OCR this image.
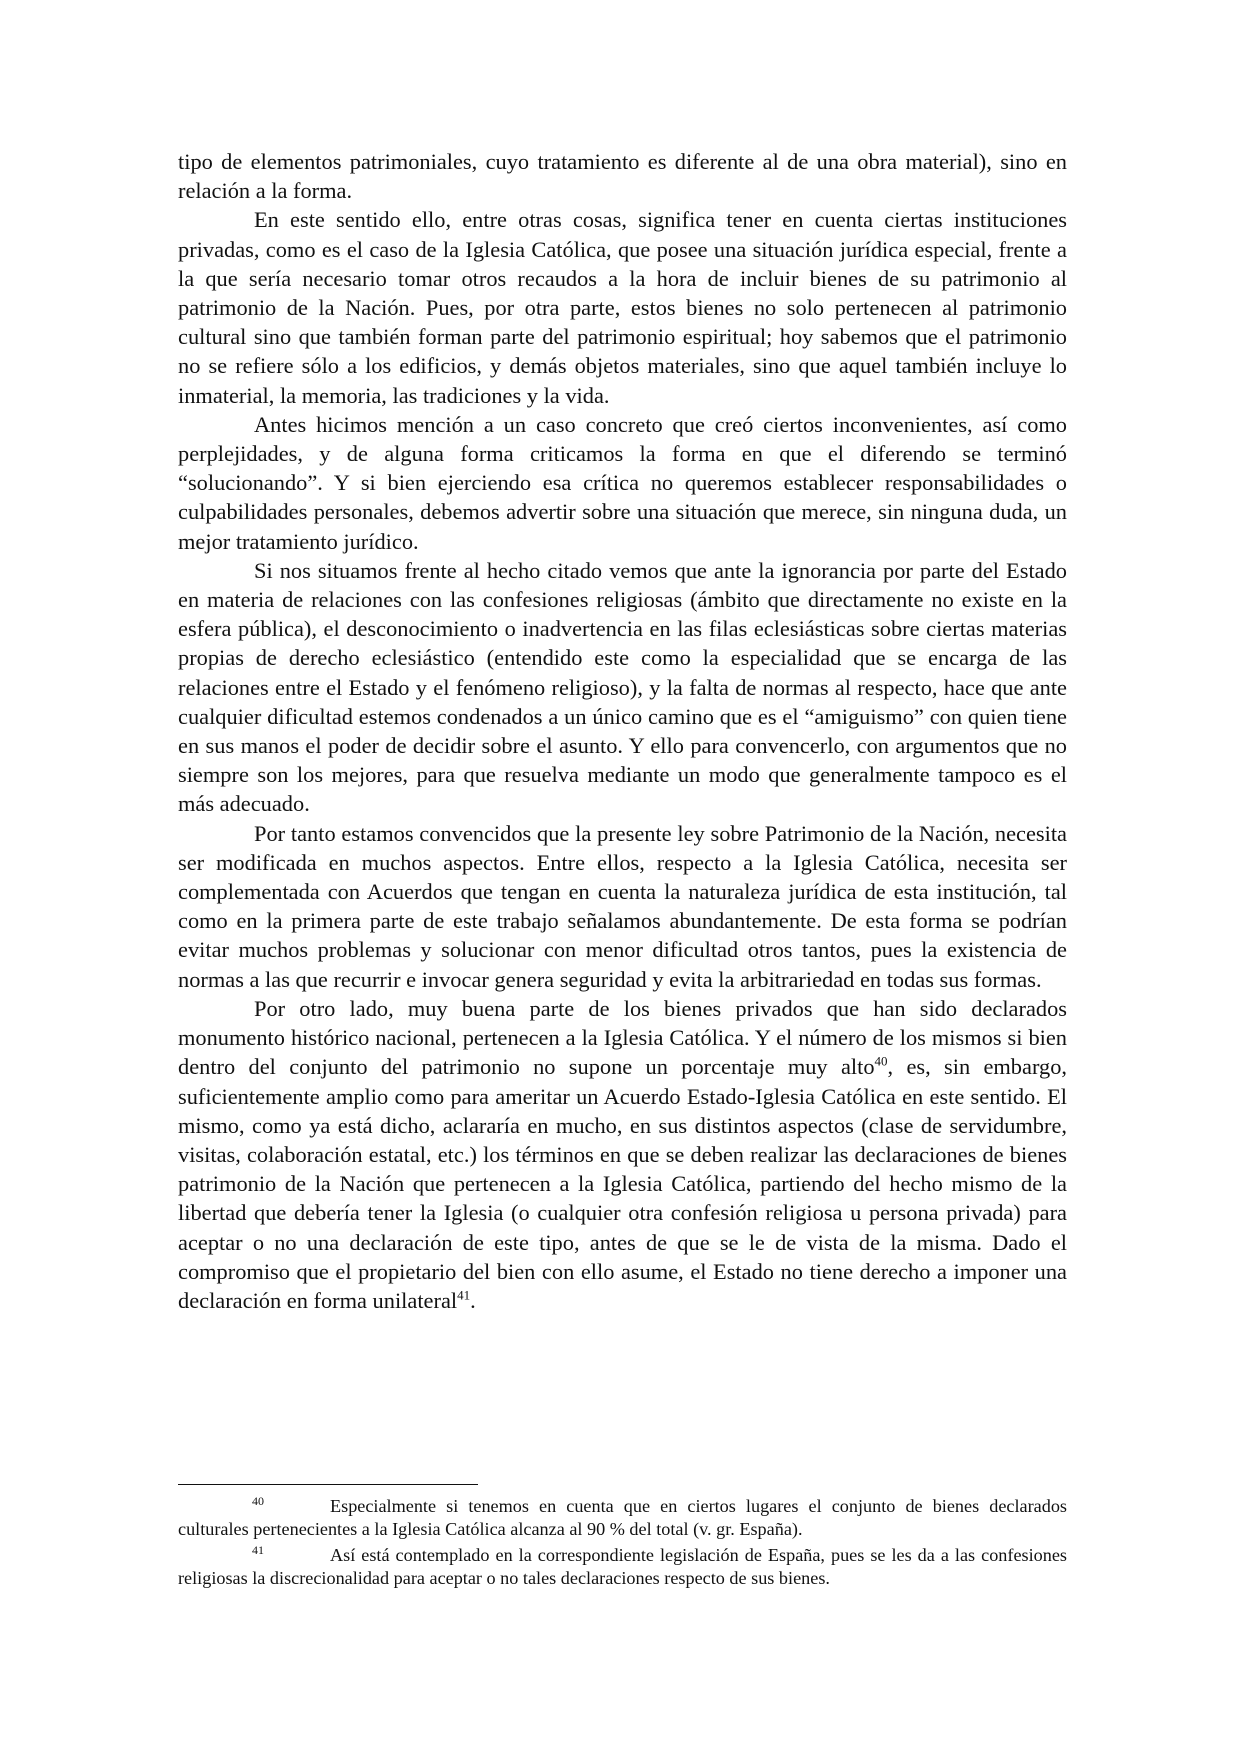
tipo de elementos patrimoniales, cuyo tratamiento es diferente al de una obra material), sino en relación a la forma.

En este sentido ello, entre otras cosas, significa tener en cuenta ciertas instituciones privadas, como es el caso de la Iglesia Católica, que posee una situación jurídica especial, frente a la que sería necesario tomar otros recaudos a la hora de incluir bienes de su patrimonio al patrimonio de la Nación. Pues, por otra parte, estos bienes no solo pertenecen al patrimonio cultural sino que también forman parte del patrimonio espiritual; hoy sabemos que el patrimonio no se refiere sólo a los edificios, y demás objetos materiales, sino que aquel también incluye lo inmaterial, la memoria, las tradiciones y la vida.

Antes hicimos mención a un caso concreto que creó ciertos inconvenientes, así como perplejidades, y de alguna forma criticamos la forma en que el diferendo se terminó “solucionando”. Y si bien ejerciendo esa crítica no queremos establecer responsabilidades o culpabilidades personales, debemos advertir sobre una situación que merece, sin ninguna duda, un mejor tratamiento jurídico.

Si nos situamos frente al hecho citado vemos que ante la ignorancia por parte del Estado en materia de relaciones con las confesiones religiosas (ámbito que directamente no existe en la esfera pública), el desconocimiento o inadvertencia en las filas eclesiásticas sobre ciertas materias propias de derecho eclesiástico (entendido este como la especialidad que se encarga de las relaciones entre el Estado y el fenómeno religioso), y la falta de normas al respecto, hace que ante cualquier dificultad estemos condenados a un único camino que es el “amiguismo” con quien tiene en sus manos el poder de decidir sobre el asunto. Y ello para convencerlo, con argumentos que no siempre son los mejores, para que resuelva mediante un modo que generalmente tampoco es el más adecuado.

Por tanto estamos convencidos que la presente ley sobre Patrimonio de la Nación, necesita ser modificada en muchos aspectos. Entre ellos, respecto a la Iglesia Católica, necesita ser complementada con Acuerdos que tengan en cuenta la naturaleza jurídica de esta institución, tal como en la primera parte de este trabajo señalamos abundantemente. De esta forma se podrían evitar muchos problemas y solucionar con menor dificultad otros tantos, pues la existencia de normas a las que recurrir e invocar genera seguridad y evita la arbitrariedad en todas sus formas.

Por otro lado, muy buena parte de los bienes privados que han sido declarados monumento histórico nacional, pertenecen a la Iglesia Católica. Y el número de los mismos si bien dentro del conjunto del patrimonio no supone un porcentaje muy alto$^{40}$, es, sin embargo, suficientemente amplio como para ameritar un Acuerdo Estado-Iglesia Católica en este sentido. El mismo, como ya está dicho, aclararía en mucho, en sus distintos aspectos (clase de servidumbre, visitas, colaboración estatal, etc.) los términos en que se deben realizar las declaraciones de bienes patrimonio de la Nación que pertenecen a la Iglesia Católica, partiendo del hecho mismo de la libertad que debería tener la Iglesia (o cualquier otra confesión religiosa u persona privada) para aceptar o no una declaración de este tipo, antes de que se le de vista de la misma. Dado el compromiso que el propietario del bien con ello asume, el Estado no tiene derecho a imponer una declaración en forma unilateral$^{41}$.

40	Especialmente si tenemos en cuenta que en ciertos lugares el conjunto de bienes declarados culturales pertenecientes a la Iglesia Católica alcanza al 90 % del total (v. gr. España).

41	Así está contemplado en la correspondiente legislación de España, pues se les da a las confesiones religiosas la discrecionalidad para aceptar o no tales declaraciones respecto de sus bienes.
